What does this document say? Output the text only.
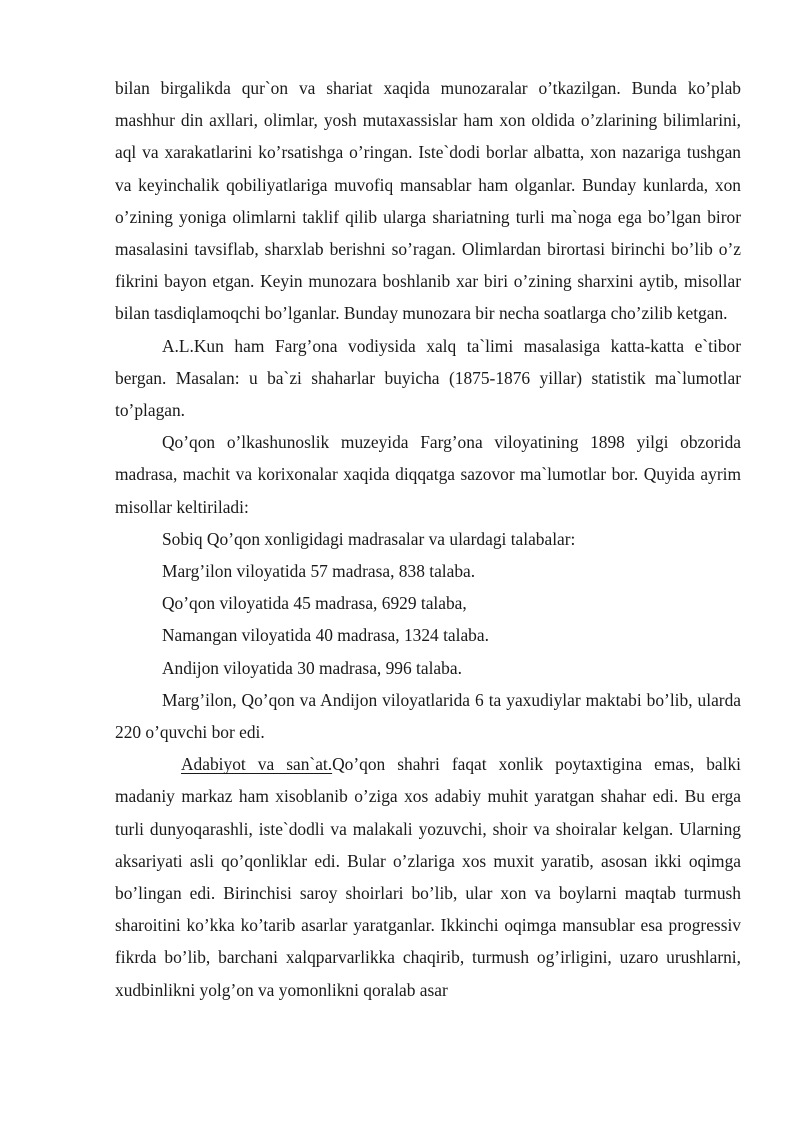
bilan birgalikda qur`on va shariat xaqida munozaralar o’tkazilgan. Bunda ko’plab mashhur din axllari, olimlar, yosh mutaxassislar ham xon oldida o’zlarining bilimlarini, aql va xarakatlarini ko’rsatishga o’ringan. Iste`dodi borlar albatta, xon nazariga tushgan va keyinchalik qobiliyatlariga muvofiq mansablar ham olganlar. Bunday kunlarda, xon o’zining yoniga olimlarni taklif qilib ularga shariatning turli ma`noga ega bo’lgan biror masalasini tavsiflab, sharxlab berishni so’ragan. Olimlardan birortasi birinchi bo’lib o’z fikrini bayon etgan. Keyin munozara boshlanib xar biri o’zining sharxini aytib, misollar bilan tasdiqlamoqchi bo’lganlar. Bunday munozara bir necha soatlarga cho’zilib ketgan.

A.L.Kun ham Farg’ona vodiysida xalq ta`limi masalasiga katta-katta e`tibor bergan. Masalan: u ba`zi shaharlar buyicha (1875-1876 yillar) statistik ma`lumotlar to’plagan.

Qo’qon o’lkashunoslik muzeyida Farg’ona viloyatining 1898 yilgi obzorida madrasa, machit va korixonalar xaqida diqqatga sazovor ma`lumotlar bor. Quyida ayrim misollar keltiriladi:

Sobiq Qo’qon xonligidagi madrasalar va ulardagi talabalar:

Marg’ilon viloyatida 57 madrasa, 838 talaba.

Qo’qon viloyatida 45 madrasa, 6929 talaba,

Namangan viloyatida 40 madrasa, 1324 talaba.

Andijon viloyatida 30 madrasa, 996 talaba.

Marg’ilon, Qo’qon va Andijon viloyatlarida 6 ta yaxudiylar maktabi bo’lib, ularda 220 o’quvchi bor edi.

Adabiyot va san`at.Qo’qon shahri faqat xonlik poytaxtigina emas, balki madaniy markaz ham xisoblanib o’ziga xos adabiy muhit yaratgan shahar edi. Bu erga turli dunyoqarashli, iste`dodli va malakali yozuvchi, shoir va shoiralar kelgan. Ularning aksariyati asli qo’qonliklar edi. Bular o’zlariga xos muxit yaratib, asosan ikki oqimga bo’lingan edi. Birinchisi saroy shoirlari bo’lib, ular xon va boylarni maqtab turmush sharoitini ko’kka ko’tarib asarlar yaratganlar. Ikkinchi oqimga mansublar esa progressiv fikrda bo’lib, barchani xalqparvarlikka chaqirib, turmush og’irligini, uzaro urushlarni, xudbinlikni yolg’on va yomonlikni qoralab asar
